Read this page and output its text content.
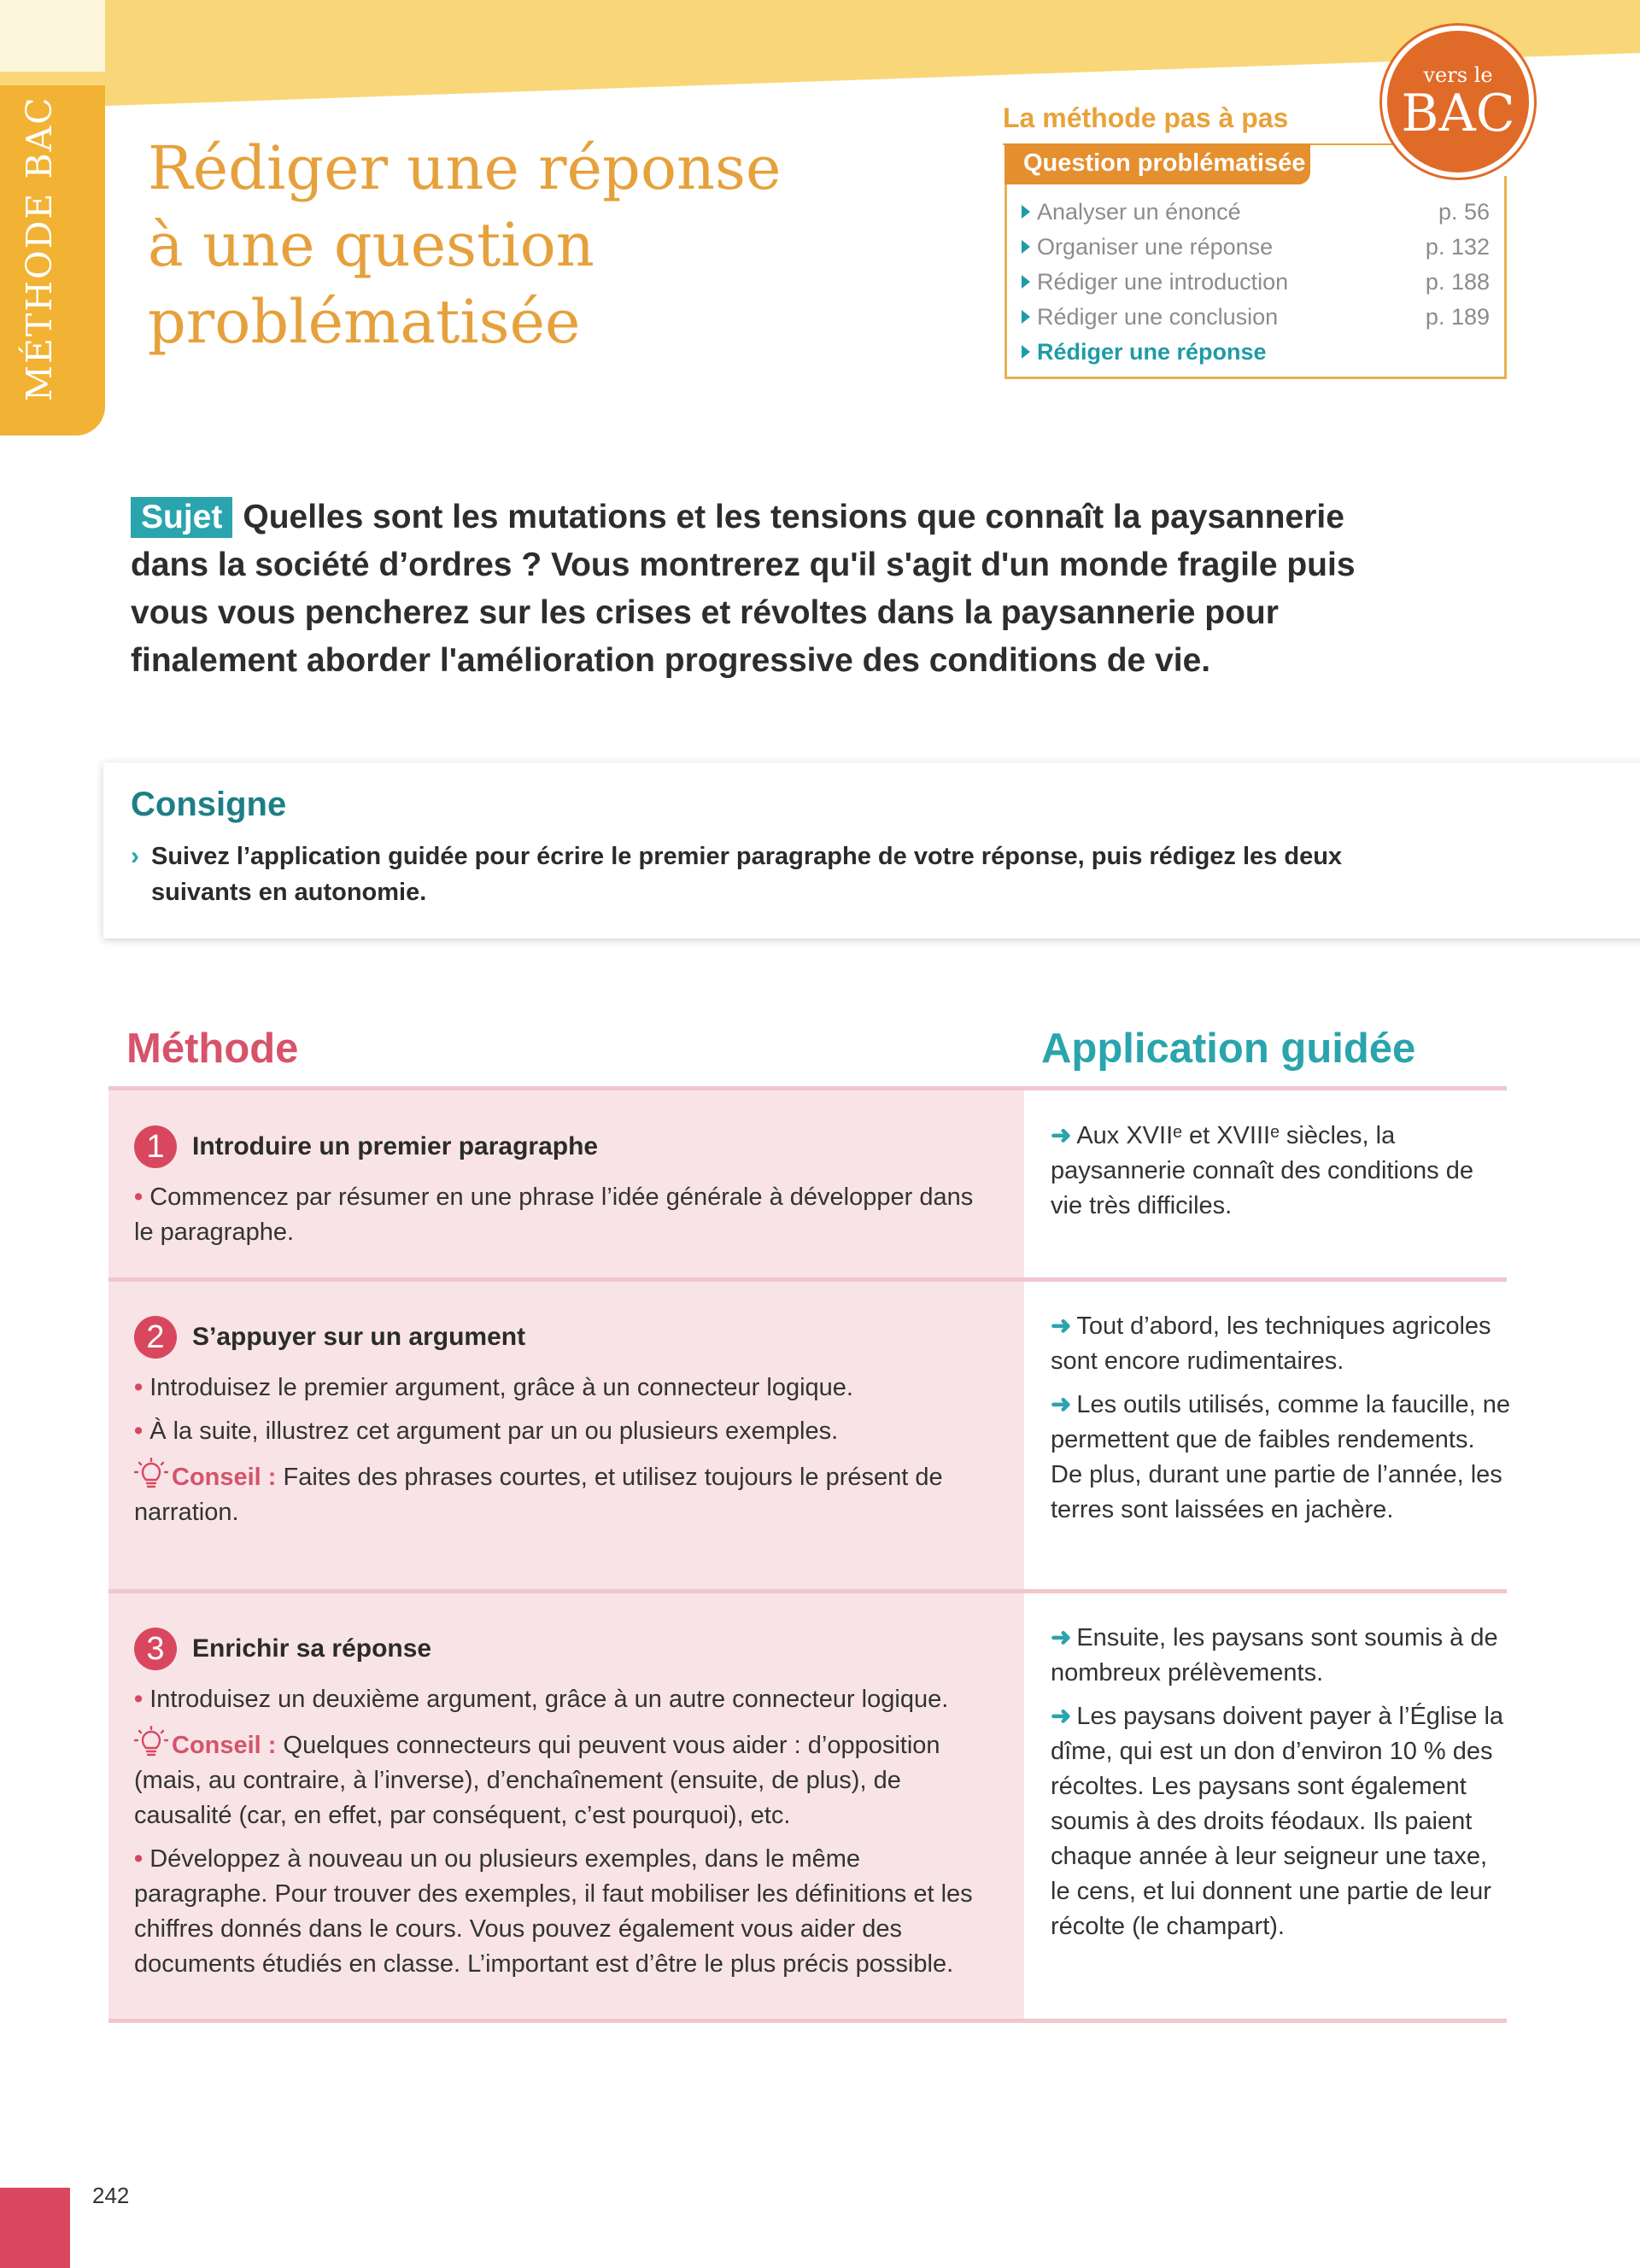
MÉTHODE BAC Rédiger une réponse
à une question
problématisée
La méthode pas à pas
Question problématisée
Analyser un énoncé	p. 56
Organiser une réponse	p. 132
Rédiger une introduction	p. 188
Rédiger une conclusion	p. 189
Rédiger une réponse
vers le
BAC

Sujet Quelles sont les mutations et les tensions que connaît la paysannerie dans la société d’ordres ? Vous montrerez qu'il s'agit d'un monde fragile puis vous vous pencherez sur les crises et révoltes dans la paysannerie pour finalement aborder l'amélioration progressive des conditions de vie.

Consigne
› Suivez l’application guidée pour écrire le premier paragraphe de votre réponse, puis rédigez les deux suivants en autonomie.
Méthode	Application guidée
1	Introduire un premier paragraphe

• Commencez par résumer en une phrase l’idée générale à développer dans le paragraphe.

➜ Aux XVIIᵉ et XVIIIᵉ siècles, la paysannerie connaît des conditions de vie très difficiles.

2	S’appuyer sur un argument

• Introduisez le premier argument, grâce à un connecteur logique.

• À la suite, illustrez cet argument par un ou plusieurs exemples.

Conseil : Faites des phrases courtes, et utilisez toujours le présent de narration.

➜ Tout d’abord, les techniques agricoles sont encore rudimentaires.

➜ Les outils utilisés, comme la faucille, ne permettent que de faibles rendements. De plus, durant une partie de l’année, les terres sont laissées en jachère.

3	Enrichir sa réponse

• Introduisez un deuxième argument, grâce à un autre connecteur logique.

Conseil : Quelques connecteurs qui peuvent vous aider : d’opposition (mais, au contraire, à l’inverse), d’enchaînement (ensuite, de plus), de causalité (car, en effet, par conséquent, c’est pourquoi), etc.

• Développez à nouveau un ou plusieurs exemples, dans le même paragraphe. Pour trouver des exemples, il faut mobiliser les définitions et les chiffres donnés dans le cours. Vous pouvez également vous aider des documents étudiés en classe. L’important est d’être le plus précis possible.

➜ Ensuite, les paysans sont soumis à de nombreux prélèvements.

➜ Les paysans doivent payer à l’Église la dîme, qui est un don d’environ 10 % des récoltes. Les paysans sont également soumis à des droits féodaux. Ils paient chaque année à leur seigneur une taxe, le cens, et lui donnent une partie de leur récolte (le champart).

242
